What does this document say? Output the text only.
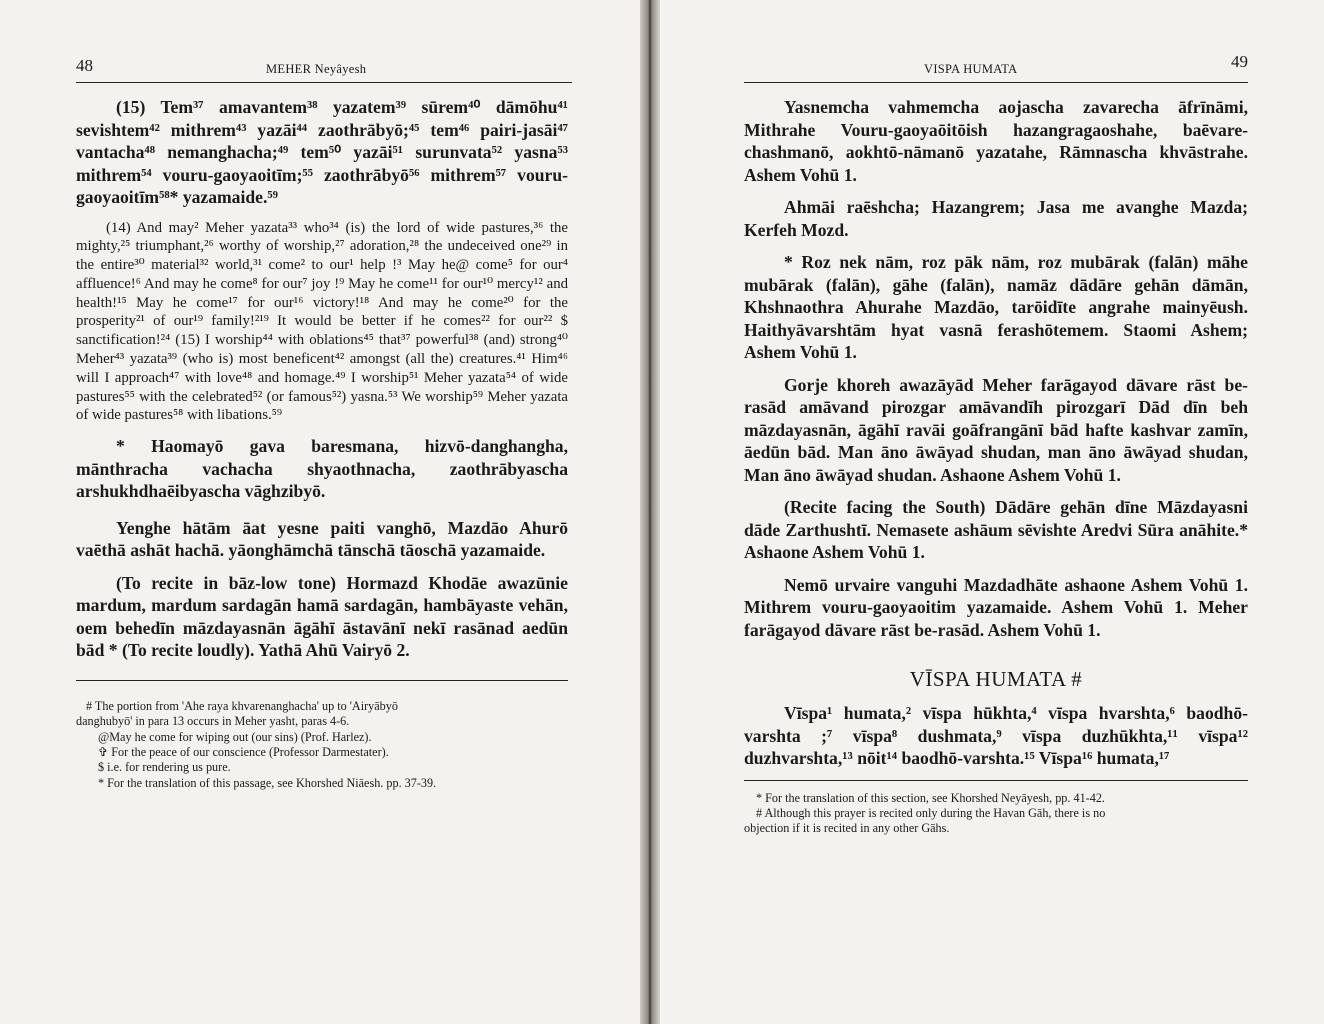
48	MEHER Neyâyesh

(15) Tem³⁷ amavantem³⁸ yazatem³⁹ sūrem⁴⁰ dāmōhu⁴¹ sevishtem⁴² mithrem⁴³ yazāi⁴⁴ zaothrābyō;⁴⁵ tem⁴⁶ pairi-jasāi⁴⁷ vantacha⁴⁸ nemanghacha;⁴⁹ tem⁵⁰ yazāi⁵¹ surunvata⁵² yasna⁵³ mithrem⁵⁴ vouru-gaoyaoitīm;⁵⁵ zaothrābyō⁵⁶ mithrem⁵⁷ vouru-gaoyaoitīm⁵⁸* yazamaide.⁵⁹

(14) And may² Meher yazata³³ who³⁴ (is) the lord of wide pastures,³⁶ the mighty,²⁵ triumphant,²⁶ worthy of worship,²⁷ adoration,²⁸ the undeceived one²⁹ in the entire³⁰ material³² world,³¹ come² to our¹ help !³ May he@ come⁵ for our⁴ affluence!⁶ And may he come⁸ for our⁷ joy !⁹ May he come¹¹ for our¹⁰ mercy¹² and health!¹⁵ May he come¹⁷ for our¹⁶ victory!¹⁸ And may he come²⁰ for the prosperity²¹ of our¹⁹ family!²¹⁹ It would be better if he comes²² for our²² $ sanctification!²⁴ (15) I worship⁴⁴ with oblations⁴⁵ that³⁷ powerful³⁸ (and) strong⁴⁰ Meher⁴³ yazata³⁹ (who is) most beneficent⁴² amongst (all the) creatures.⁴¹ Him⁴⁶ will I approach⁴⁷ with love⁴⁸ and homage.⁴⁹ I worship⁵¹ Meher yazata⁵⁴ of wide pastures⁵⁵ with the celebrated⁵² (or famous⁵²) yasna.⁵³ We worship⁵⁹ Meher yazata of wide pastures⁵⁸ with libations.⁵⁹

* Haomayō gava baresmana, hizvō-danghangha, mānthracha vachacha shyaothnacha, zaothrābyascha arshukhdhaēibyascha vāghzibyō.

Yenghe hātām āat yesne paiti vanghō, Mazdāo Ahurō vaēthā ashāt hachā. yāonghāmchā tānschā tāoschā yazamaide.

(To recite in bāz-low tone) Hormazd Khodāe awazūnie mardum, mardum sardagān hamā sardagān, hambāyaste vehān, oem behedīn māzdayasnān āgāhī āstavānī nekī rasānad aedūn bād * (To recite loudly). Yathā Ahū Vairyō 2.

# The portion from 'Ahe raya khvarenanghacha' up to 'Airyābyō

danghubyō' in para 13 occurs in Meher yasht, paras 4-6.

@May he come for wiping out (our sins) (Prof. Harlez).

✞ For the peace of our conscience (Professor Darmestater).

$ i.e. for rendering us pure.

* For the translation of this passage, see Khorshed Niāesh. pp. 37-39.

VISPA HUMATA	49

Yasnemcha vahmemcha aojascha zavarecha āfrīnāmi, Mithrahe Vouru-gaoyaōitōish hazangragaoshahe, baēvare-chashmanō, aokhtō-nāmanō yazatahe, Rāmnascha khvāstrahe. Ashem Vohū 1.

Ahmāi raēshcha; Hazangrem; Jasa me avanghe Mazda; Kerfeh Mozd.

* Roz nek nām, roz pāk nām, roz mubārak (falān) māhe mubārak (falān), gāhe (falān), namāz dādāre gehān dāmān, Khshnaothra Ahurahe Mazdāo, tarōidīte angrahe mainyēush. Haithyāvarshtām hyat vasnā ferashōtemem. Staomi Ashem; Ashem Vohū 1.

Gorje khoreh awazāyād Meher farāgayod dāvare rāst be-rasād amāvand pirozgar amāvandīh pirozgarī Dād dīn beh māzdayasnān, āgāhī ravāi goāfrangānī bād hafte kashvar zamīn, āedūn bād. Man āno āwāyad shudan, man āno āwāyad shudan, Man āno āwāyad shudan. Ashaone Ashem Vohū 1.

(Recite facing the South) Dādāre gehān dīne Māzdayasni dāde Zarthushtī. Nemasete ashāum sēvishte Aredvi Sūra anāhite.* Ashaone Ashem Vohū 1.

Nemō urvaire vanguhi Mazdadhāte ashaone Ashem Vohū 1. Mithrem vouru-gaoyaoitim yazamaide. Ashem Vohū 1. Meher farāgayod dāvare rāst be-rasād. Ashem Vohū 1.

VĪSPA HUMATA #

Vīspa¹ humata,² vīspa hūkhta,⁴ vīspa hvarshta,⁶ baodhō-varshta ;⁷ vīspa⁸ dushmata,⁹ vīspa duzhūkhta,¹¹ vīspa¹² duzhvarshta,¹³ nōit¹⁴ baodhō-varshta.¹⁵ Vīspa¹⁶ humata,¹⁷

* For the translation of this section, see Khorshed Neyāyesh, pp. 41-42.

# Although this prayer is recited only during the Havan Gāh, there is no

objection if it is recited in any other Gāhs.
